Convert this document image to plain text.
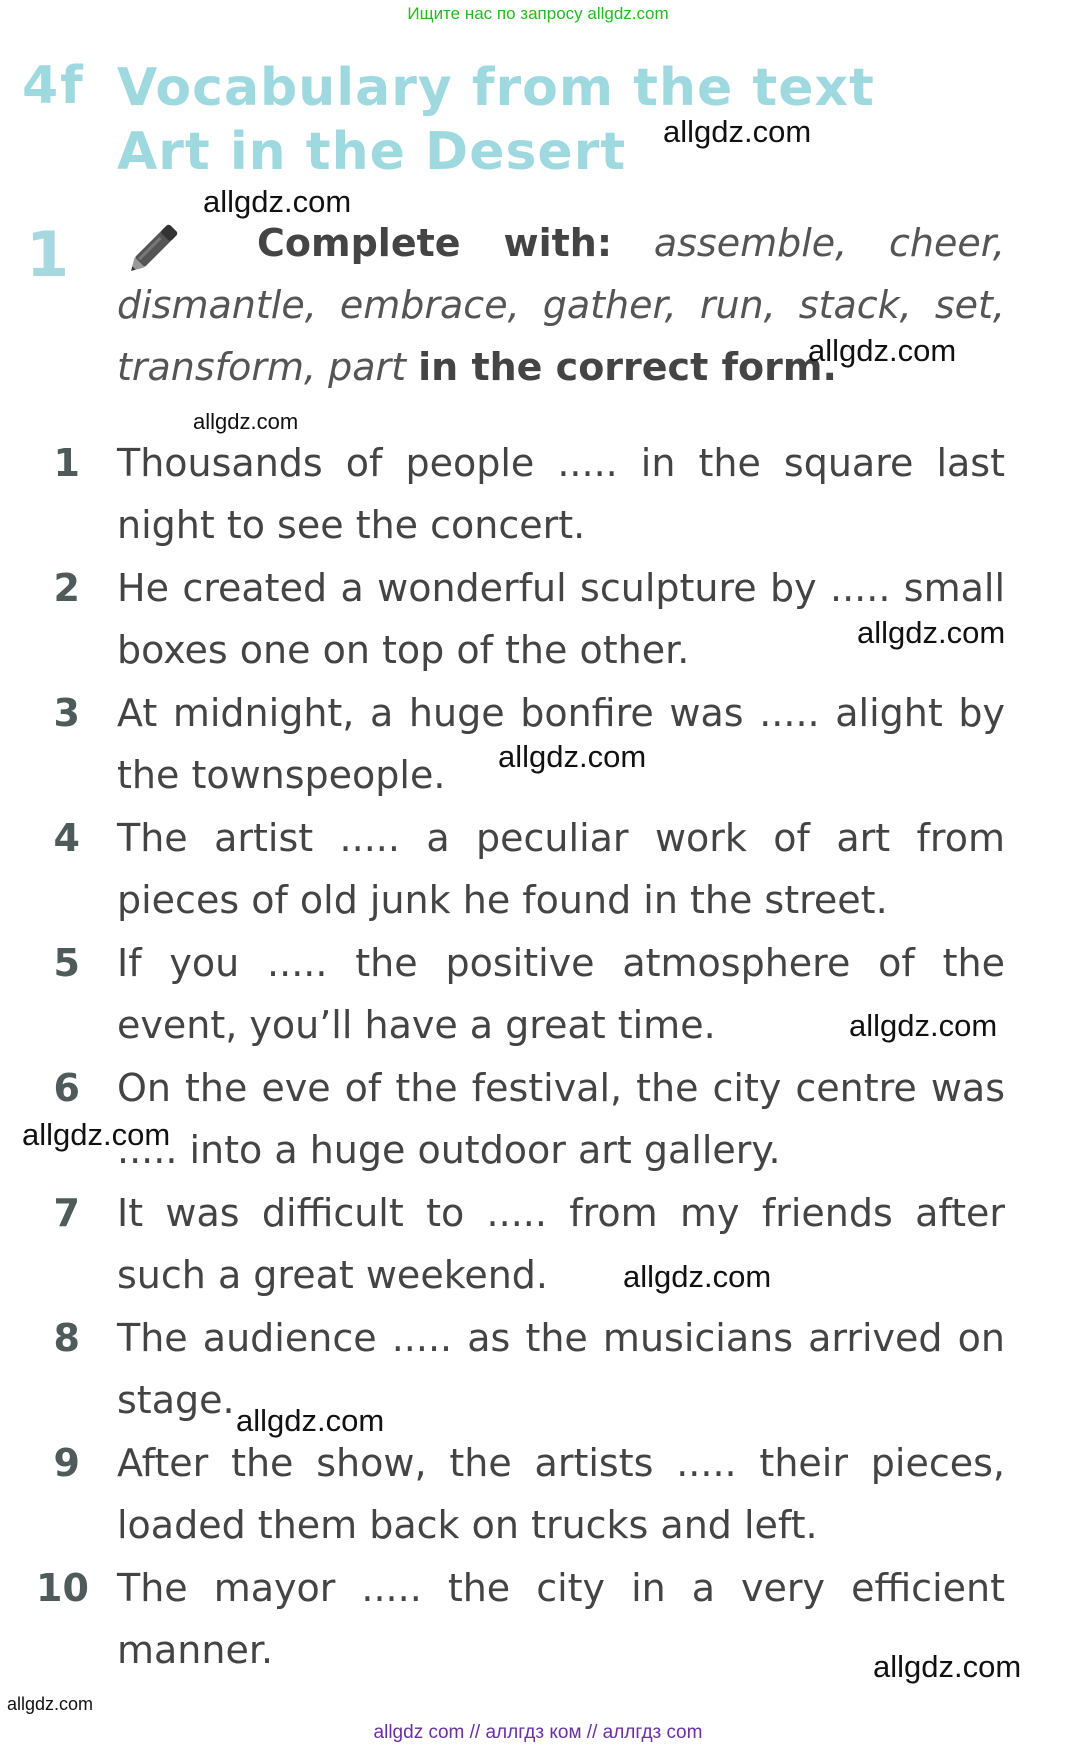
Ищите нас по запросу allgdz.com
4f Vocabulary from the text
Art in the Desert
1	Complete with: assemble, cheer, dismantle, embrace, gather, run, stack, set, transform, part in the correct form.
1 Thousands of people ..... in the square last night to see the concert.
2 He created a wonderful sculpture by ..... small boxes one on top of the other.
3 At midnight, a huge bonfire was ..... alight by the townspeople.
4 The artist ..... a peculiar work of art from pieces of old junk he found in the street.
5 If you ..... the positive atmosphere of the event, you’ll have a great time.
6 On the eve of the festival, the city centre was ..... into a huge outdoor art gallery.
7 It was difficult to ..... from my friends after such a great weekend.
8 The audience ..... as the musicians arrived on stage.
9 After the show, the artists ..... their pieces, loaded them back on trucks and left.
10 The mayor ..... the city in a very efficient manner.
allgdz.com
allgdz.com
allgdz.com
allgdz.com
allgdz.com
allgdz.com
allgdz.com
allgdz.com
allgdz.com
allgdz.com
allgdz.com
allgdz.com
allgdz com // аллгдз ком // аллгдз com
